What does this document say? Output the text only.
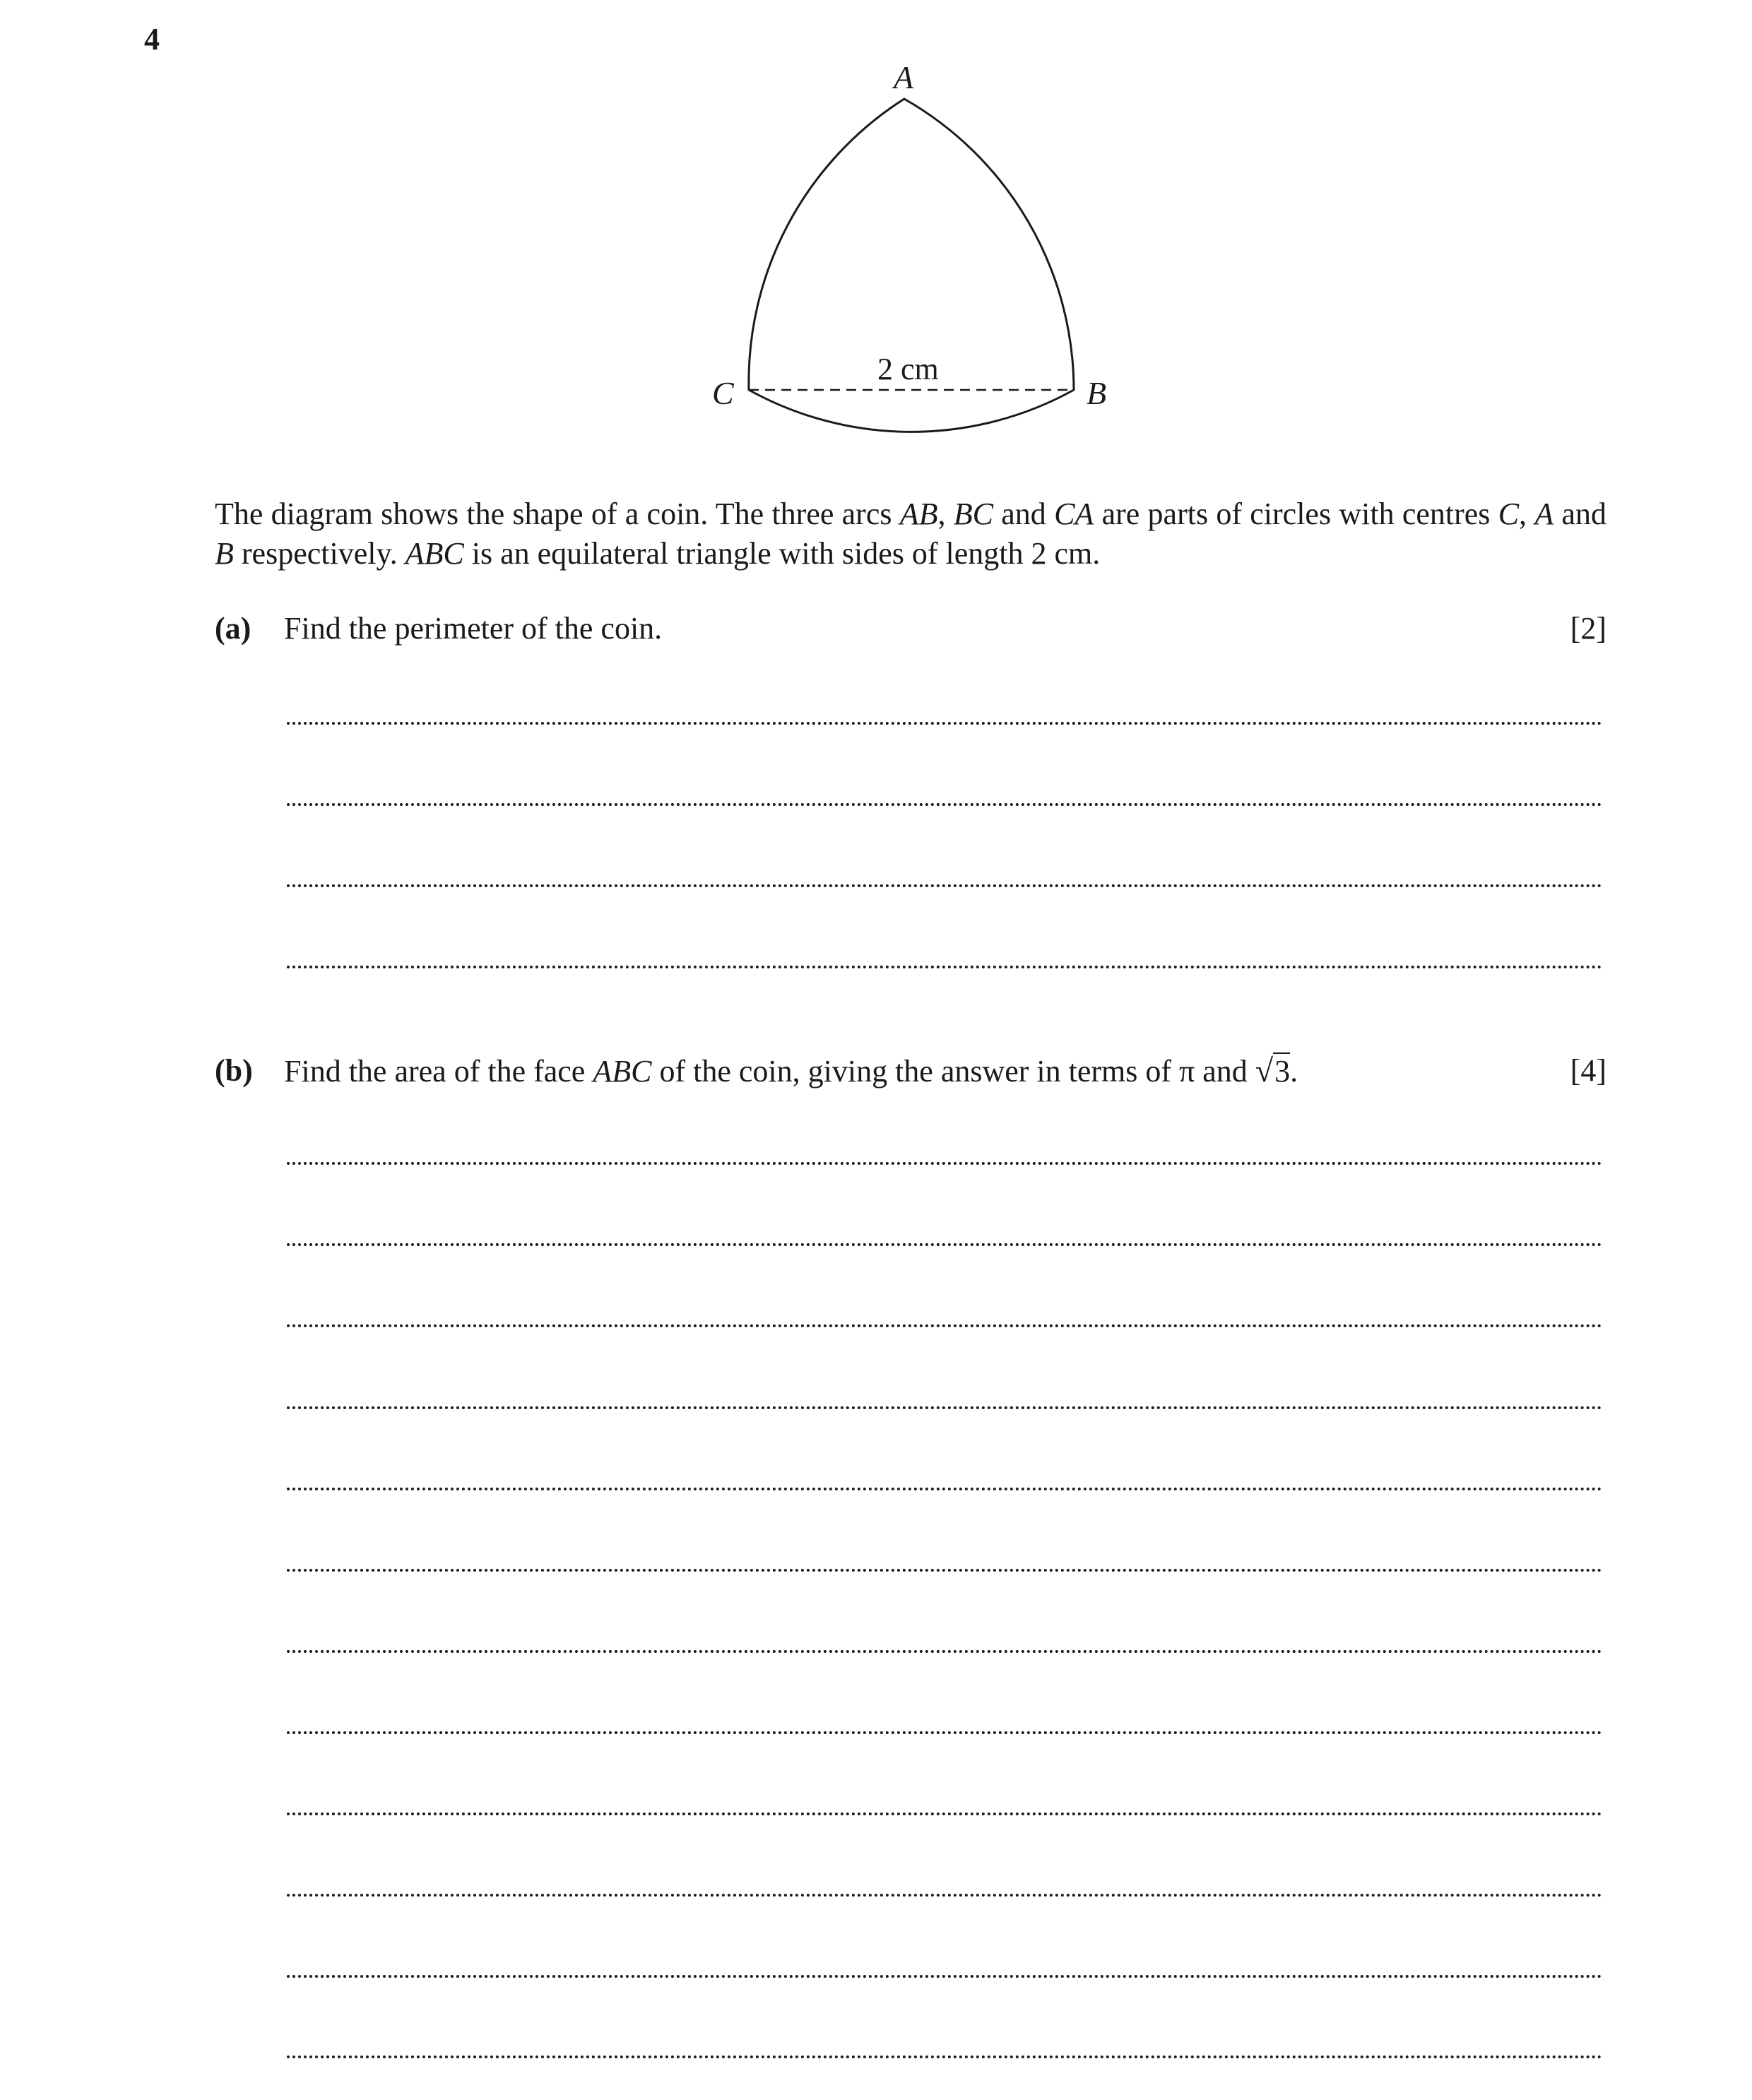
4
A
B
C
2 cm
The diagram shows the shape of a coin. The three arcs AB, BC and CA are parts of circles with centres C, A and B respectively. ABC is an equilateral triangle with sides of length 2 cm.
(a) Find the perimeter of the coin.	[2]
(b) Find the area of the face ABC of the coin, giving the answer in terms of π and √3.	[4]
